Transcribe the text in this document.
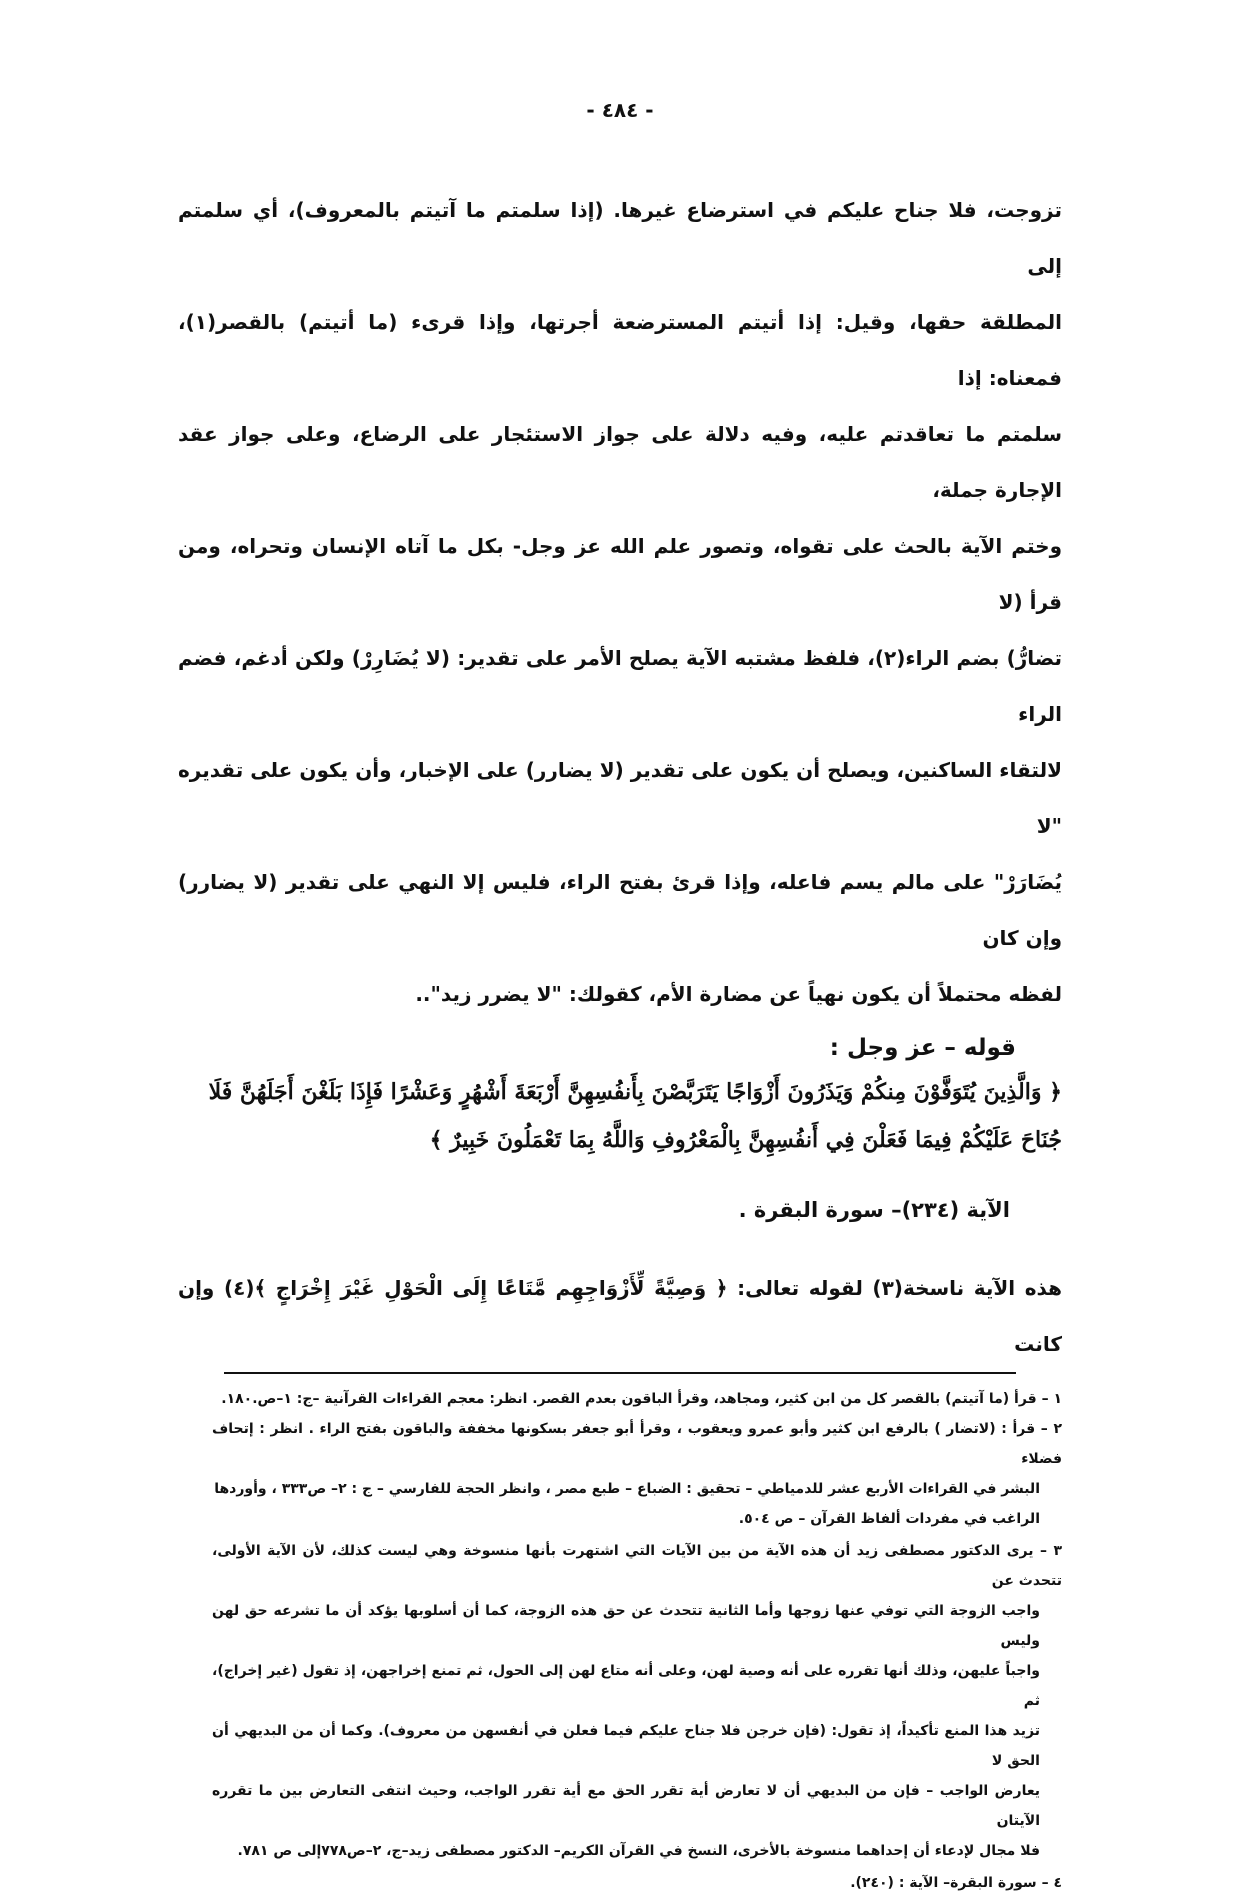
- ٤٨٤ -
تزوجت، فلا جناح عليكم في استرضاع غيرها. (إذا سلمتم ما آتيتم بالمعروف)، أي سلمتم إلى
المطلقة حقها، وقيل: إذا أتيتم المسترضعة أجرتها، وإذا قرىء (ما أتيتم) بالقصر(١)، فمعناه: إذا
سلمتم ما تعاقدتم عليه، وفيه دلالة على جواز الاستئجار على الرضاع، وعلى جواز عقد الإجارة جملة،
وختم الآية بالحث على تقواه، وتصور علم الله عز وجل- بكل ما آتاه الإنسان وتحراه، ومن قرأ (لا
تضارُّ) بضم الراء(٢)، فلفظ مشتبه الآية يصلح الأمر على تقدير: (لا يُضَارِرْ) ولكن أدغم، فضم الراء
لالتقاء الساكنين، ويصلح أن يكون على تقدير (لا يضارر) على الإخبار، وأن يكون على تقديره "لا
يُضَارَرْ" على مالم يسم فاعله، وإذا قرئ بفتح الراء، فليس إلا النهي على تقدير (لا يضارر) وإن كان
لفظه محتملاً أن يكون نهياً عن مضارة الأم، كقولك: "لا يضرر زيد"..
قوله – عز وجل :
﴿ وَالَّذِينَ يُتَوَفَّوْنَ مِنكُمْ وَيَذَرُونَ أَزْوَاجًا يَتَرَبَّصْنَ بِأَنفُسِهِنَّ أَرْبَعَةَ أَشْهُرٍ وَعَشْرًا فَإِذَا بَلَغْنَ أَجَلَهُنَّ فَلَا
جُنَاحَ عَلَيْكُمْ فِيمَا فَعَلْنَ فِي أَنفُسِهِنَّ بِالْمَعْرُوفِ وَاللَّهُ بِمَا تَعْمَلُونَ خَبِيرٌ ﴾
الآية (٢٣٤)– سورة البقرة .
هذه الآية ناسخة(٣) لقوله تعالى: ﴿ وَصِيَّةً لِّأَزْوَاجِهِم مَّتَاعًا إِلَى الْحَوْلِ غَيْرَ إِخْرَاجٍ ﴾(٤) وإن كانت
١ – قرأ (ما آتيتم) بالقصر كل من ابن كثير، ومجاهد، وقرأ الباقون بعدم القصر. انظر: معجم القراءات القرآنية –ج: ١–ص.١٨٠.
٢ – قرأ : (لاتضار ) بالرفع ابن كثير وأبو عمرو ويعقوب ، وقرأ أبو جعفر بسكونها مخففة والباقون بفتح الراء . انظر : إتحاف فضلاء
البشر في القراءات الأربع عشر للدمياطي – تحقيق : الضباع – طبع مصر ، وانظر الحجة للفارسي – ج : ٢– ص٣٣٣ ، وأوردها
الراغب في مفردات ألفاظ القرآن – ص ٥٠٤.
٣ – يرى الدكتور مصطفى زيد أن هذه الآية من بين الآيات التي اشتهرت بأنها منسوخة وهي ليست كذلك، لأن الآية الأولى، تتحدث عن
واجب الزوجة التي توفي عنها زوجها وأما الثانية تتحدث عن حق هذه الزوجة، كما أن أسلوبها يؤكد أن ما تشرعه حق لهن وليس
واجباً عليهن، وذلك أنها تقرره على أنه وصية لهن، وعلى أنه متاع لهن إلى الحول، ثم تمنع إخراجهن، إذ تقول (غير إخراج)، ثم
تزيد هذا المنع تأكيداً، إذ تقول: (فإن خرجن فلا جناح عليكم فيما فعلن في أنفسهن من معروف). وكما أن من البديهي أن الحق لا
يعارض الواجب – فإن من البديهي أن لا تعارض أية تقرر الحق مع أية تقرر الواجب، وحيث انتفى التعارض بين ما تقرره الآيتان
فلا مجال لإدعاء أن إحداهما منسوخة بالأخرى، النسخ في القرآن الكريم– الدكتور مصطفى زيد–ج، ٢–ص٧٧٨إلى ص ٧٨١.
٤ – سورة البقرة– الآية : (٢٤٠).
